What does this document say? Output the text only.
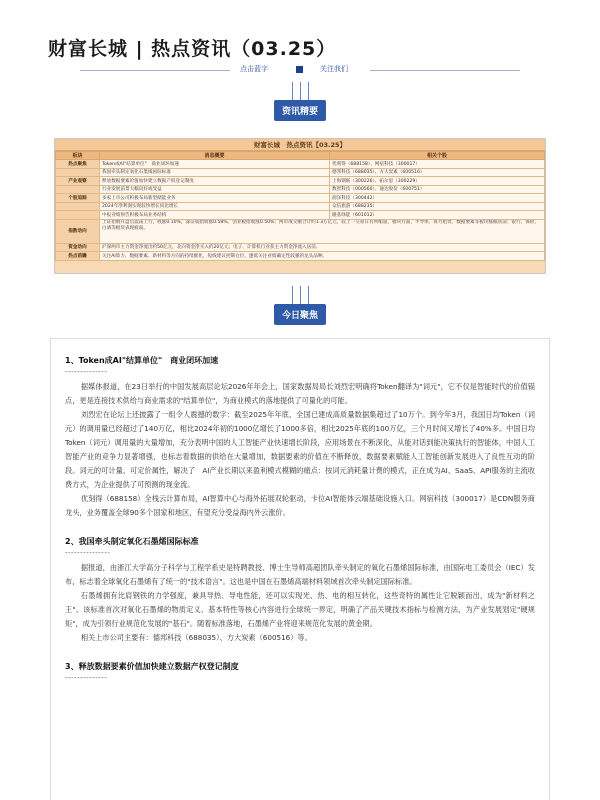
财富长城 | 热点资讯（03.25）
点击蓝字	关注我们
资讯精要
财富长城　热点资讯【03.25】
板块	消息概要	相关个股
热点聚焦	Token成AI"结算单位"　商业闭环加速	优刻得（688158）、网宿科技（300017）
	我国牵头制定氧化石墨烯国际标准	德邦科技（688035）、方大炭素（600516）
产业观察	释放数据要素价值加快建立数据产权登记制度	上海钢联（300226）、拓尔思（300229）
	行业发展前景大幅向好或受益	数智科技（000560）、通达股份（600751）
个股追踪	多家上市公司积极布局新型储能业务	润泽科技（300442）
	2024年净利润实现较快增长同比增长	众信旅游（688235）
	中报业绩预告积极布局业务结构	隆基绿能（601012）
指数动向	上证指数开盘后震荡上行，收涨0.10%，深证成指收涨0.58%，创业板指收涨0.50%；两市成交额合计约1.3万亿元，较上一交易日有所缩量。板块方面，半导体、算力租赁、数据要素等板块涨幅居前；银行、保险、白酒等板块表现疲弱。	
资金动向	沪深两市主力资金净流出约50亿元，北向资金净买入约20亿元；电子、计算机行业获主力资金净流入居前。	
热点前瞻	关注AI算力、数据要素、新材料等方向的持续催化，短线建议控制仓位，逢低关注业绩确定性较强的龙头品种。	
今日聚焦
1、Token成AI"结算单位"　商业闭环加速
--------------

据媒体报道，在23日举行的中国发展高层论坛2026年年会上，国家数据局局长刘烈宏明确将Token翻译为"词元"，它不仅是智能时代的价值锚点，更是连接技术供给与商业需求的"结算单位"，为商业模式的落地提供了可量化的可能。

刘烈宏在论坛上还披露了一组令人震撼的数字：截至2025年年底，全国已建成高质量数据集超过了10万个。到今年3月，我国日均Token（词元）的调用量已经超过了140万亿，相比2024年初的1000亿增长了1000多倍，相比2025年底的100万亿，三个月时间又增长了40%多。中国日均Token（词元）调用量的大量增加，充分表明中国的人工智能产业快速增长阶段，应用场景在不断深化，从能对话到能决策执行的智能体，中国人工智能产业的竞争力显著增强，也标志着数据的供给在大量增加，数据要素的价值在不断释放，数据要素赋能人工智能创新发展进入了良性互动的阶段。词元的可计量、可定价属性，解决了　AI产业长期以来盈利模式模糊的痛点：按词元消耗量计费的模式，正在成为AI、SaaS、API服务的主流收费方式，为企业提供了可预测的现金流。

优刻得（688158）全栈云计算布局，AI智算中心与海外拓展双轮驱动，卡位AI智能体云端基础设施入口。网宿科技（300017）是CDN服务商龙头，业务覆盖全球90多个国家和地区，有望充分受益海内外云涨价。

2、我国牵头制定氧化石墨烯国际标准
---------------

据报道，由浙江大学高分子科学与工程学系史是特聘教授、博士生导师高超团队牵头制定的氧化石墨烯国际标准，由国际电工委员会（IEC）发布，标志着全球氧化石墨烯有了统一的"技术语言"。这也是中国在石墨烯高端材料领域首次牵头制定国际标准。

石墨烯拥有比肩钢铁的力学强度，兼具导热、导电性能，还可以实现光、热、电的相互转化，这些奇特的属性让它脱颖而出，成为"新材料之王"。该标准首次对氧化石墨烯的物质定义、基本特性等核心内容进行全球统一界定，明确了产品关键技术指标与检测方法，为产业发展划定"硬规矩"，成为引领行业规范化发展的"基石"。随着标准落地，石墨烯产业将迎来规范化发展的黄金期。

相关上市公司主要有：德邦科技（688035）、方大炭素（600516）等。

3、释放数据要素价值加快建立数据产权登记制度
--------------
